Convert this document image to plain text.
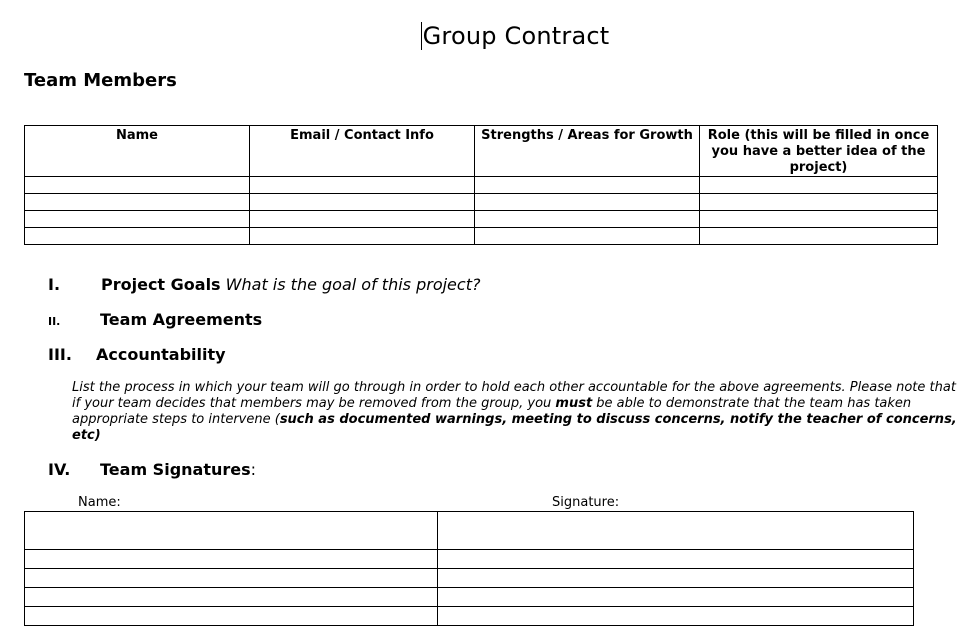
Group Contract
Team Members
Name	Email / Contact Info	Strengths / Areas for Growth	Role (this will be filled in once you have a better idea of the project)

I.	Project Goals What is the goal of this project?
II. Team Agreements
III. Accountability
List the process in which your team will go through in order to hold each other accountable for the above agreements. Please note that if your team decides that members may be removed from the group, you must be able to demonstrate that the team has taken appropriate steps to intervene (such as documented warnings, meeting to discuss concerns, notify the teacher of concerns, etc)
IV. Team Signatures:
Name:	Signature:
